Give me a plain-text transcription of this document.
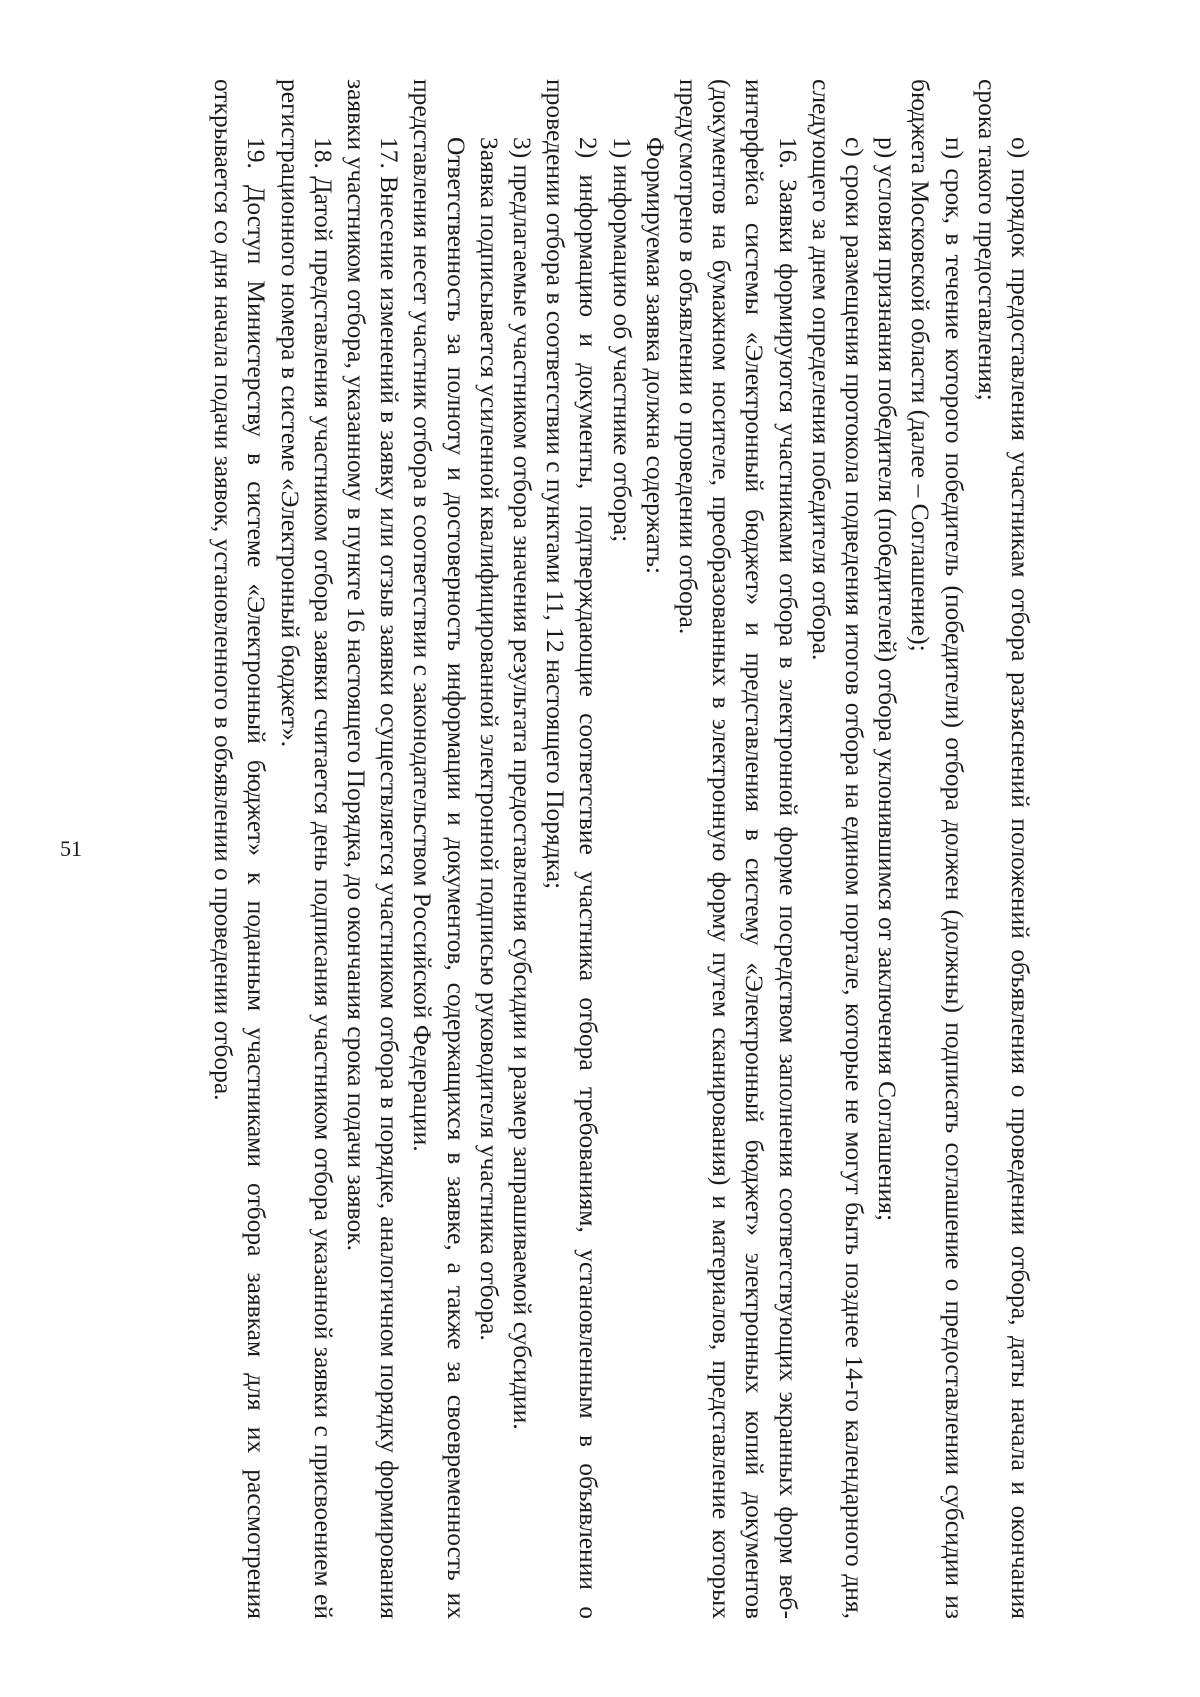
51	о) порядок предоставления участникам отбора разъяснений положений объявления о проведении отбора, даты начала и окончания срока такого предоставления;

п) срок, в течение которого победитель (победители) отбора должен (должны) подписать соглашение о предоставлении субсидии из бюджета Московской области (далее – Соглашение);

р) условия признания победителя (победителей) отбора уклонившимся от заключения Соглашения;

с) сроки размещения протокола подведения итогов отбора на едином портале, которые не могут быть позднее 14-го календарного дня, следующего за днем определения победителя отбора.

16. Заявки формируются участниками отбора в электронной форме посредством заполнения соответствующих экранных форм веб-интерфейса системы «Электронный бюджет» и представления в систему «Электронный бюджет» электронных копий документов (документов на бумажном носителе, преобразованных в электронную форму путем сканирования) и материалов, представление которых предусмотрено в объявлении о проведении отбора.

Формируемая заявка должна содержать:

1) информацию об участнике отбора;

2) информацию и документы, подтверждающие соответствие участника отбора требованиям, установленным в объявлении о проведении отбора в соответствии с пунктами 11, 12 настоящего Порядка;

3) предлагаемые участником отбора значения результата предоставления субсидии и размер запрашиваемой субсидии.

Заявка подписывается усиленной квалифицированной электронной подписью руководителя участника отбора.

Ответственность за полноту и достоверность информации и документов, содержащихся в заявке, а также за своевременность их представления несет участник отбора в соответствии с законодательством Российской Федерации.

17. Внесение изменений в заявку или отзыв заявки осуществляется участником отбора в порядке, аналогичном порядку формирования заявки участником отбора, указанному в пункте 16 настоящего Порядка, до окончания срока подачи заявок.

18. Датой представления участником отбора заявки считается день подписания участником отбора указанной заявки с присвоением ей регистрационного номера в системе «Электронный бюджет».

19. Доступ Министерству в системе «Электронный бюджет» к поданным участниками отбора заявкам для их рассмотрения открывается со дня начала подачи заявок, установленного в объявлении о проведении отбора.
